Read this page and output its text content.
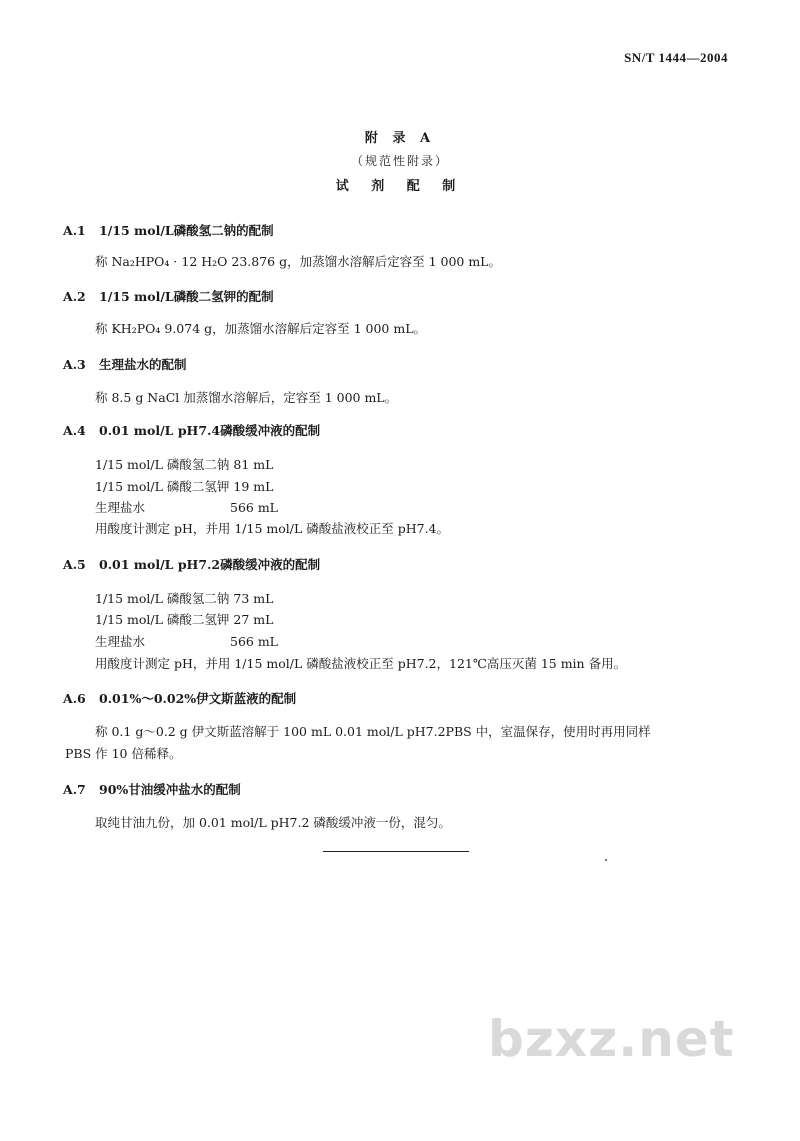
SN/T 1444—2004
附 录 A
（规范性附录）
试 剂 配 制
A.1 1/15 mol/L磷酸氢二钠的配制
称 Na₂HPO₄ · 12 H₂O 23.876 g，加蒸馏水溶解后定容至 1 000 mL。
A.2 1/15 mol/L磷酸二氢钾的配制
称 KH₂PO₄ 9.074 g，加蒸馏水溶解后定容至 1 000 mL。
A.3 生理盐水的配制
称 8.5 g NaCl 加蒸馏水溶解后，定容至 1 000 mL。
A.4 0.01 mol/L pH7.4磷酸缓冲液的配制
1/15 mol/L 磷酸氢二钠 81 mL
1/15 mol/L 磷酸二氢钾 19 mL
生理盐水	566 mL
用酸度计测定 pH，并用 1/15 mol/L 磷酸盐液校正至 pH7.4。
A.5 0.01 mol/L pH7.2磷酸缓冲液的配制
1/15 mol/L 磷酸氢二钠 73 mL
1/15 mol/L 磷酸二氢钾 27 mL
生理盐水	566 mL
用酸度计测定 pH，并用 1/15 mol/L 磷酸盐液校正至 pH7.2，121℃高压灭菌 15 min 备用。
A.6 0.01%～0.02%伊文斯蓝液的配制
称 0.1 g～0.2 g 伊文斯蓝溶解于 100 mL 0.01 mol/L pH7.2PBS 中，室温保存，使用时再用同样
PBS 作 10 倍稀释。
A.7 90%甘油缓冲盐水的配制
取纯甘油九份，加 0.01 mol/L pH7.2 磷酸缓冲液一份，混匀。
bzxz.net
